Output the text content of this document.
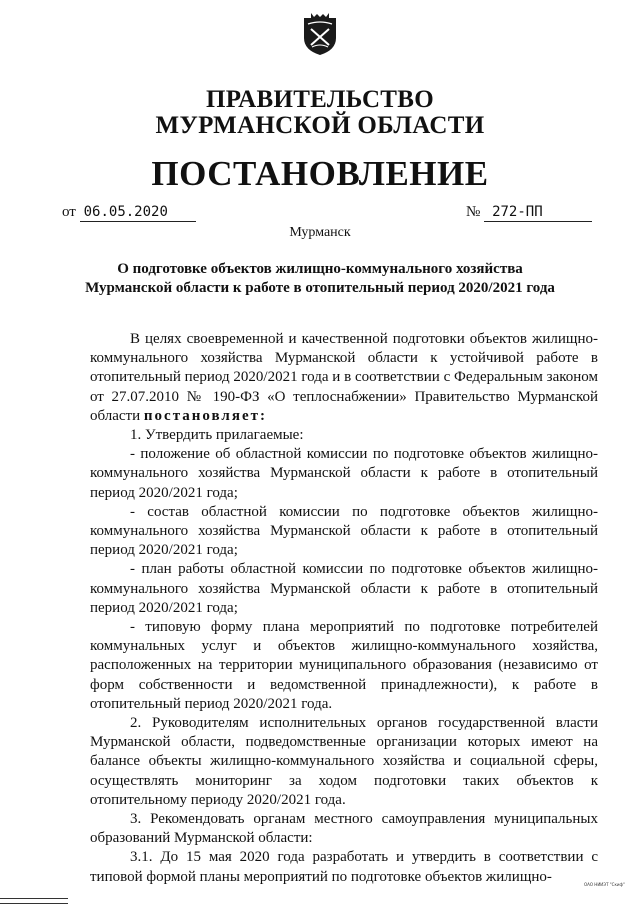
ПРАВИТЕЛЬСТВО
МУРМАНСКОЙ ОБЛАСТИ
ПОСТАНОВЛЕНИЕ
от 06.05.2020	№ 272-ПП
Мурманск
О подготовке объектов жилищно-коммунального хозяйства
Мурманской области к работе в отопительный период 2020/2021 года

В целях своевременной и качественной подготовки объектов жилищно-коммунального хозяйства Мурманской области к устойчивой работе в отопительный период 2020/2021 года и в соответствии с Федеральным законом от 27.07.2010 № 190-ФЗ «О теплоснабжении» Правительство Мурманской области постановляет:

1. Утвердить прилагаемые:

- положение об областной комиссии по подготовке объектов жилищно-коммунального хозяйства Мурманской области к работе в отопительный период 2020/2021 года;

- состав областной комиссии по подготовке объектов жилищно-коммунального хозяйства Мурманской области к работе в отопительный период 2020/2021 года;

- план работы областной комиссии по подготовке объектов жилищно-коммунального хозяйства Мурманской области к работе в отопительный период 2020/2021 года;

- типовую форму плана мероприятий по подготовке потребителей коммунальных услуг и объектов жилищно-коммунального хозяйства, расположенных на территории муниципального образования (независимо от форм собственности и ведомственной принадлежности), к работе в отопительный период 2020/2021 года.

2. Руководителям исполнительных органов государственной власти Мурманской области, подведомственные организации которых имеют на балансе объекты жилищно-коммунального хозяйства и социальной сферы, осуществлять мониторинг за ходом подготовки таких объектов к отопительному периоду 2020/2021 года.

3. Рекомендовать органам местного самоуправления муниципальных образований Мурманской области:

3.1. До 15 мая 2020 года разработать и утвердить в соответствии с типовой формой планы мероприятий по подготовке объектов жилищно-	ОАО НИИЭТ "Скиф"
